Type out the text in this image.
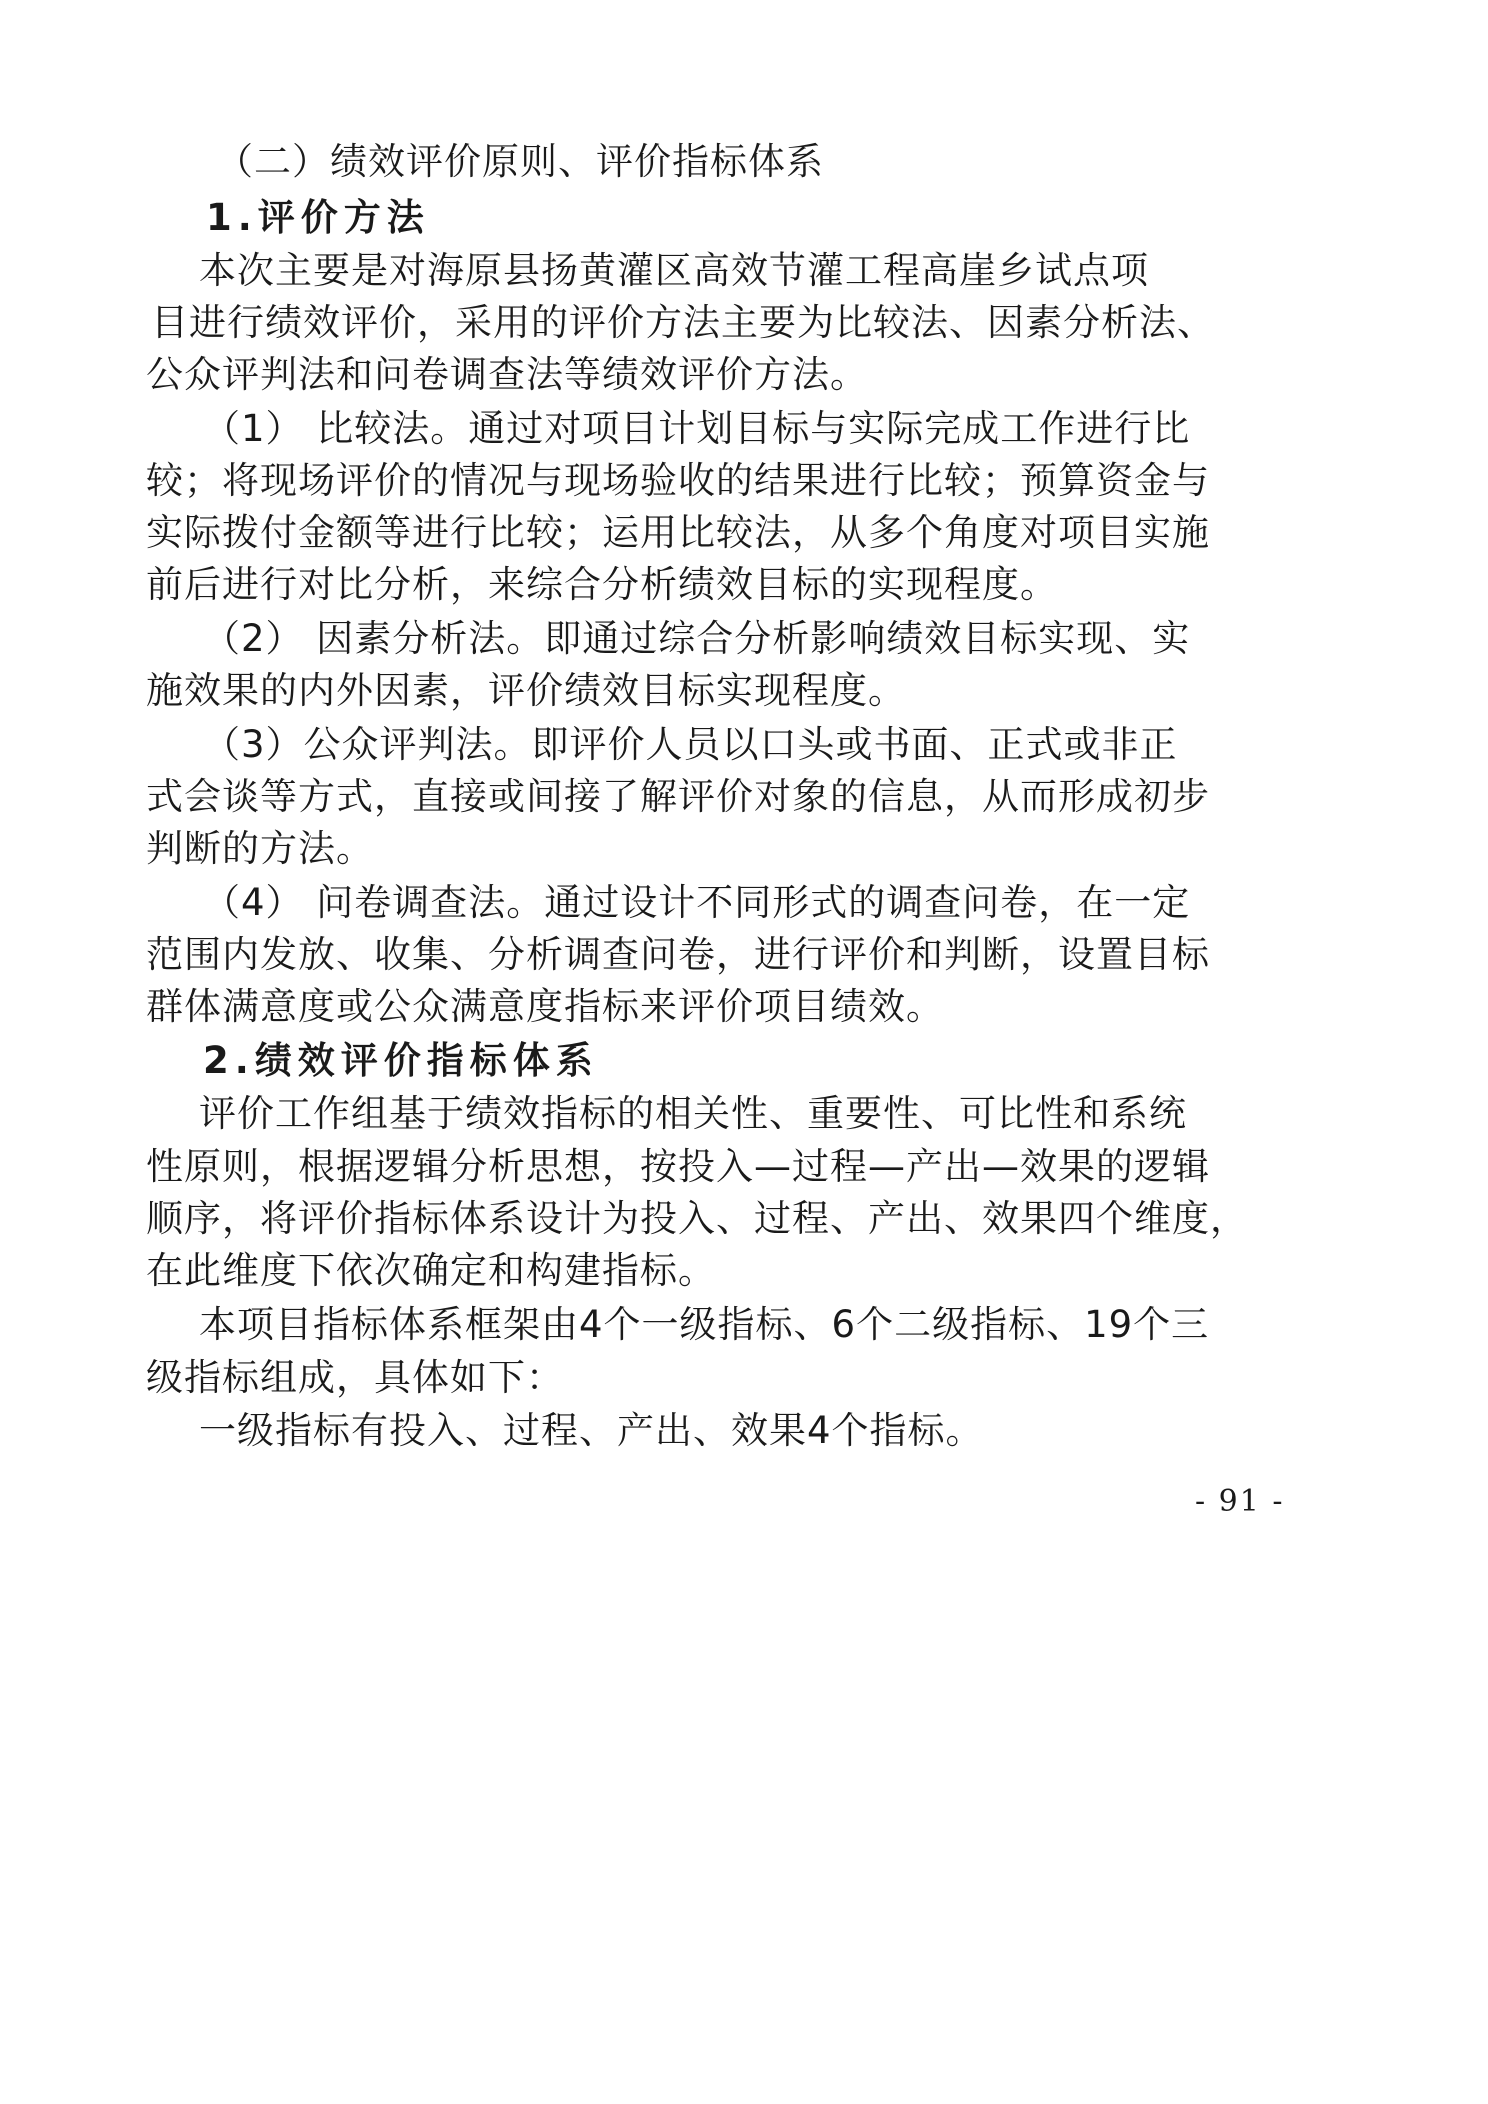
（二）绩效评价原则、评价指标体系

1.评价方法

本次主要是对海原县扬黄灌区高效节灌工程高崖乡试点项

目进行绩效评价，采用的评价方法主要为比较法、因素分析法、

公众评判法和问卷调查法等绩效评价方法。

（1） 比较法。通过对项目计划目标与实际完成工作进行比

较；将现场评价的情况与现场验收的结果进行比较；预算资金与

实际拨付金额等进行比较；运用比较法，从多个角度对项目实施

前后进行对比分析，来综合分析绩效目标的实现程度。

（2） 因素分析法。即通过综合分析影响绩效目标实现、实

施效果的内外因素，评价绩效目标实现程度。

（3）公众评判法。即评价人员以口头或书面、正式或非正

式会谈等方式，直接或间接了解评价对象的信息，从而形成初步

判断的方法。

（4） 问卷调查法。通过设计不同形式的调查问卷，在一定

范围内发放、收集、分析调查问卷，进行评价和判断，设置目标

群体满意度或公众满意度指标来评价项目绩效。

2.绩效评价指标体系

评价工作组基于绩效指标的相关性、重要性、可比性和系统

性原则，根据逻辑分析思想，按投入—过程—产出—效果的逻辑

顺序，将评价指标体系设计为投入、过程、产出、效果四个维度，

在此维度下依次确定和构建指标。

本项目指标体系框架由4个一级指标、6个二级指标、19个三

级指标组成，具体如下：

一级指标有投入、过程、产出、效果4个指标。

- 91 -
